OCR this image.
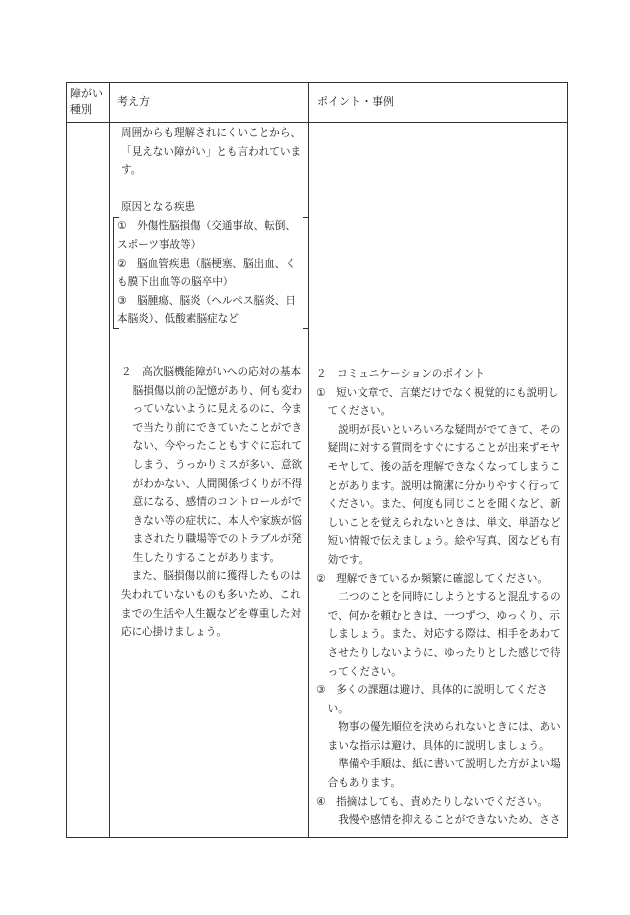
障がい種別
考え方	ポイント・事例

周囲からも理解されにくいことから、「見えない障がい」とも言われています。

原因となる疾患

①　外傷性脳損傷（交通事故、転倒、スポーツ事故等）

②　脳血管疾患（脳梗塞、脳出血、くも膜下出血等の脳卒中）

③　脳腫瘍、脳炎（ヘルペス脳炎、日本脳炎）、低酸素脳症など

２　高次脳機能障がいへの応対の基本

脳損傷以前の記憶があり、何も変わっていないように見えるのに、今まで当たり前にできていたことができない、今やったこともすぐに忘れてしまう、うっかりミスが多い、意欲がわかない、人間関係づくりが不得意になる、感情のコントロールができない等の症状に、本人や家族が悩まされたり職場等でのトラブルが発生したりすることがあります。

また、脳損傷以前に獲得したものは失われていないものも多いため、これまでの生活や人生観などを尊重した対応に心掛けましょう。

２　コミュニケーションのポイント

①　短い文章で、言葉だけでなく視覚的にも説明してください。

説明が長いといろいろな疑問がでてきて、その疑問に対する質問をすぐにすることが出来ずモヤモヤして、後の話を理解できなくなってしまうことがあります。説明は簡潔に分かりやすく行ってください。また、何度も同じことを聞くなど、新しいことを覚えられないときは、単文、単語など短い情報で伝えましょう。絵や写真、図なども有効です。

②　理解できているか頻繁に確認してください。

二つのことを同時にしようとすると混乱するので、何かを頼むときは、一つずつ、ゆっくり、示しましょう。また、対応する際は、相手をあわてさせたりしないように、ゆったりとした感じで待ってください。

③　多くの課題は避け、具体的に説明してください。

物事の優先順位を決められないときには、あいまいな指示は避け、具体的に説明しましょう。

準備や手順は、紙に書いて説明した方がよい場合もあります。

④　指摘はしても、責めたりしないでください。

我慢や感情を抑えることができないため、ささ
